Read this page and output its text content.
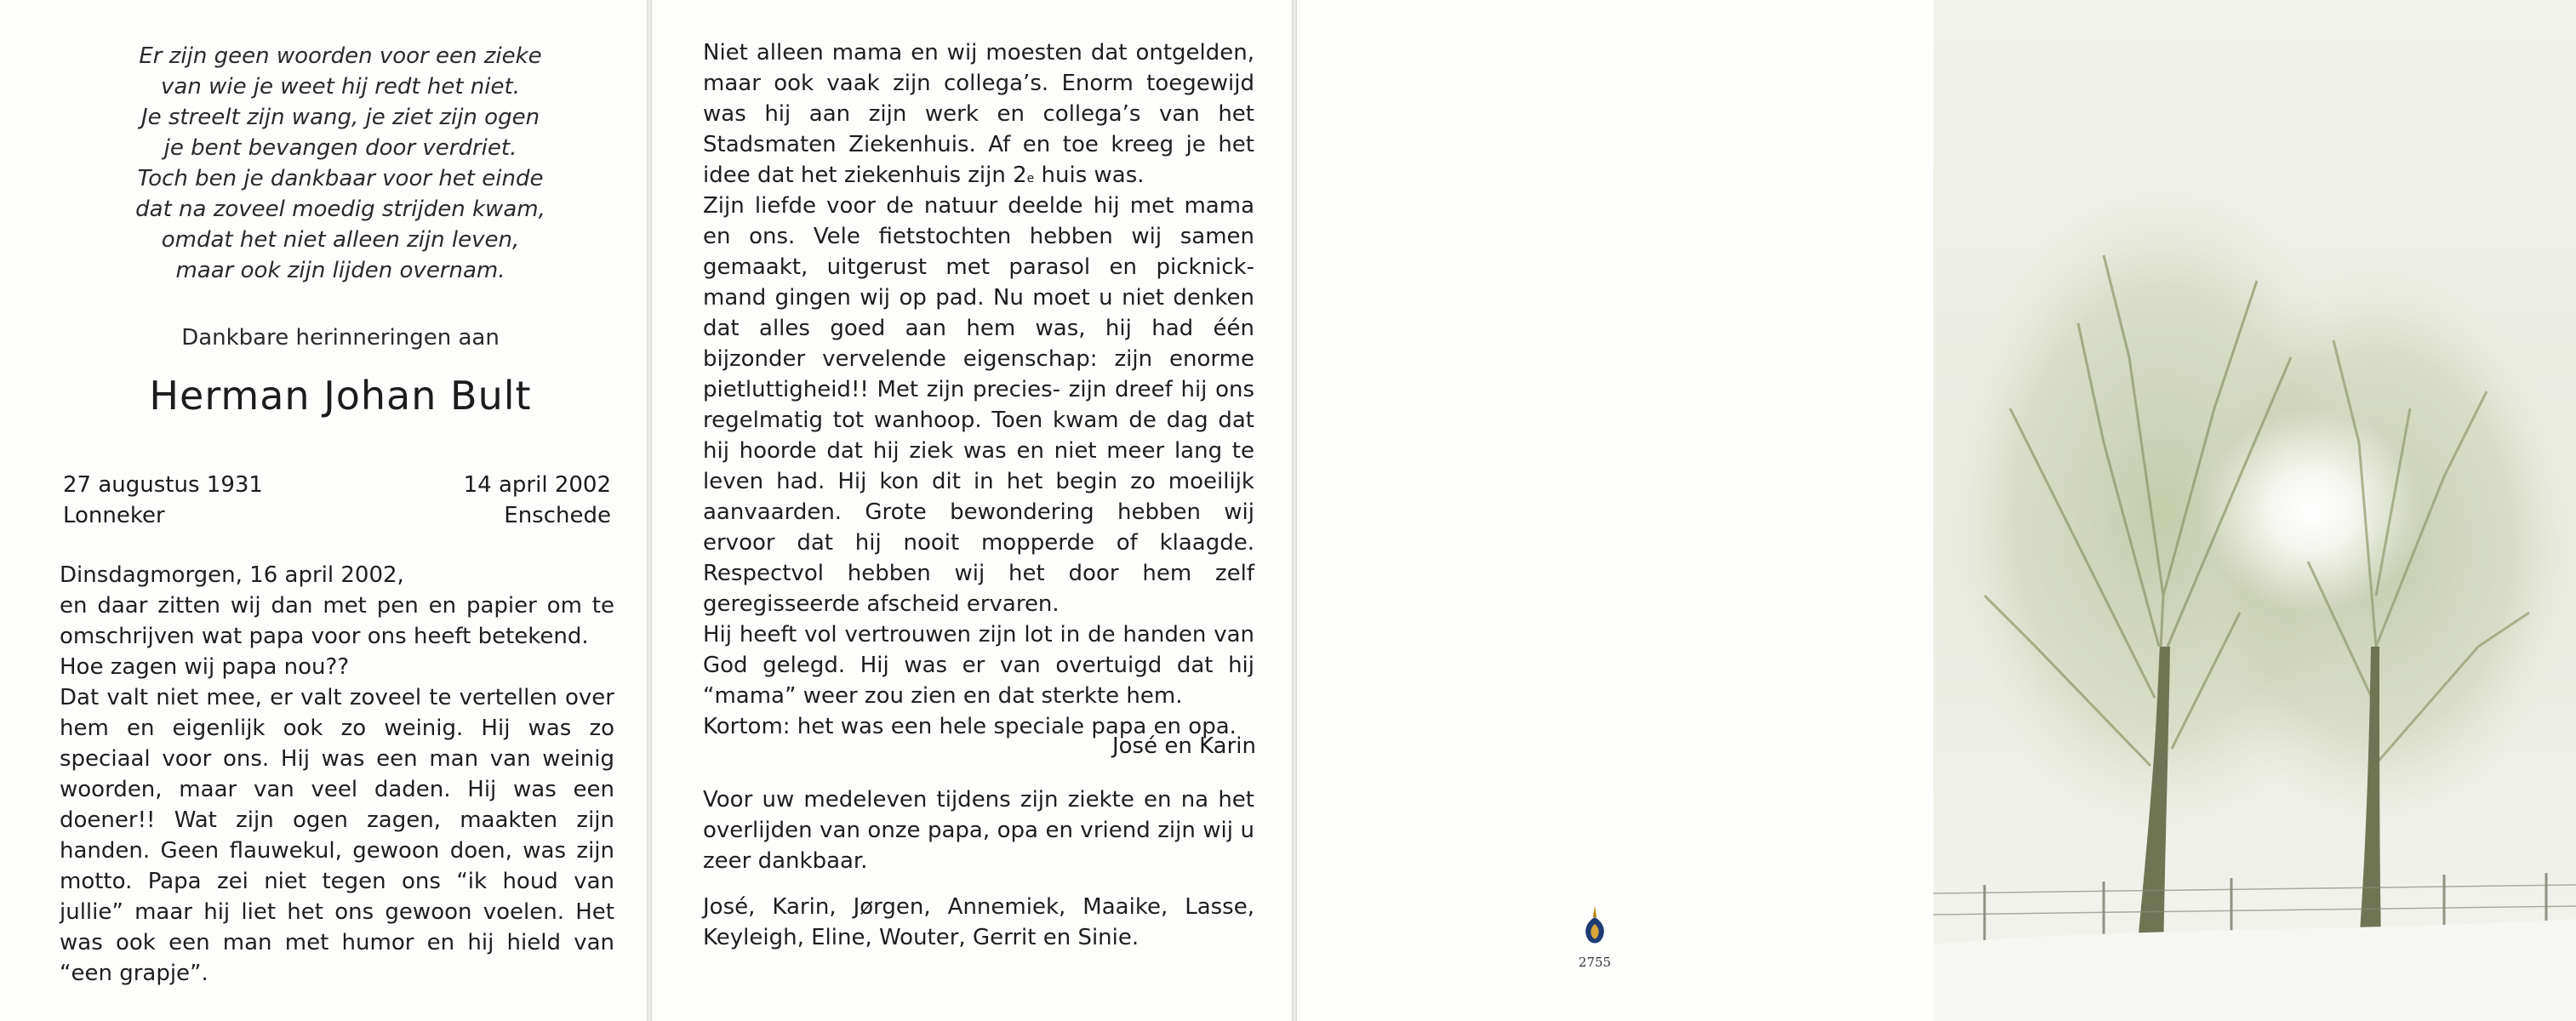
Er zijn geen woorden voor een zieke
van wie je weet hij redt het niet.
Je streelt zijn wang, je ziet zijn ogen
je bent bevangen door verdriet.
Toch ben je dankbaar voor het einde
dat na zoveel moedig strijden kwam,
omdat het niet alleen zijn leven,
maar ook zijn lijden overnam.
Dankbare herinneringen aan
Herman Johan Bult
27 augustus 1931
Lonneker
14 april 2002
Enschede

Dinsdagmorgen, 16 april 2002,

en daar zitten wij dan met pen en papier om te omschrijven wat papa voor ons heeft betekend.

Hoe zagen wij papa nou??

Dat valt niet mee, er valt zoveel te vertellen over hem en eigenlijk ook zo weinig. Hij was zo speciaal voor ons. Hij was een man van weinig woorden, maar van veel daden. Hij was een doener!! Wat zijn ogen zagen, maakten zijn handen. Geen flauwekul, gewoon doen, was zijn motto. Papa zei niet tegen ons “ik houd van jullie” maar hij liet het ons gewoon voelen. Het was ook een man met humor en hij hield van “een grapje”.

Niet alleen mama en wij moesten dat ontgelden, maar ook vaak zijn collega’s. Enorm toegewijd was hij aan zijn werk en collega’s van het Stadsmaten Ziekenhuis. Af en toe kreeg je het idee dat het ziekenhuis zijn 2e huis was.

Zijn liefde voor de natuur deelde hij met mama en ons. Vele fietstochten hebben wij samen gemaakt, uitgerust met parasol en picknick-mand gingen wij op pad. Nu moet u niet denken dat alles goed aan hem was, hij had één bijzonder vervelende eigenschap: zijn enorme pietluttigheid!! Met zijn precies- zijn dreef hij ons regelmatig tot wanhoop. Toen kwam de dag dat hij hoorde dat hij ziek was en niet meer lang te leven had. Hij kon dit in het begin zo moeilijk aanvaarden. Grote bewondering hebben wij ervoor dat hij nooit mopperde of klaagde. Respectvol hebben wij het door hem zelf geregisseerde afscheid ervaren.

Hij heeft vol vertrouwen zijn lot in de handen van God gelegd. Hij was er van overtuigd dat hij “mama” weer zou zien en dat sterkte hem.

Kortom: het was een hele speciale papa en opa.

José en Karin

Voor uw medeleven tijdens zijn ziekte en na het overlijden van onze papa, opa en vriend zijn wij u zeer dankbaar.

José, Karin, Jørgen, Annemiek, Maaike, Lasse, Keyleigh, Eline, Wouter, Gerrit en Sinie.

2755
